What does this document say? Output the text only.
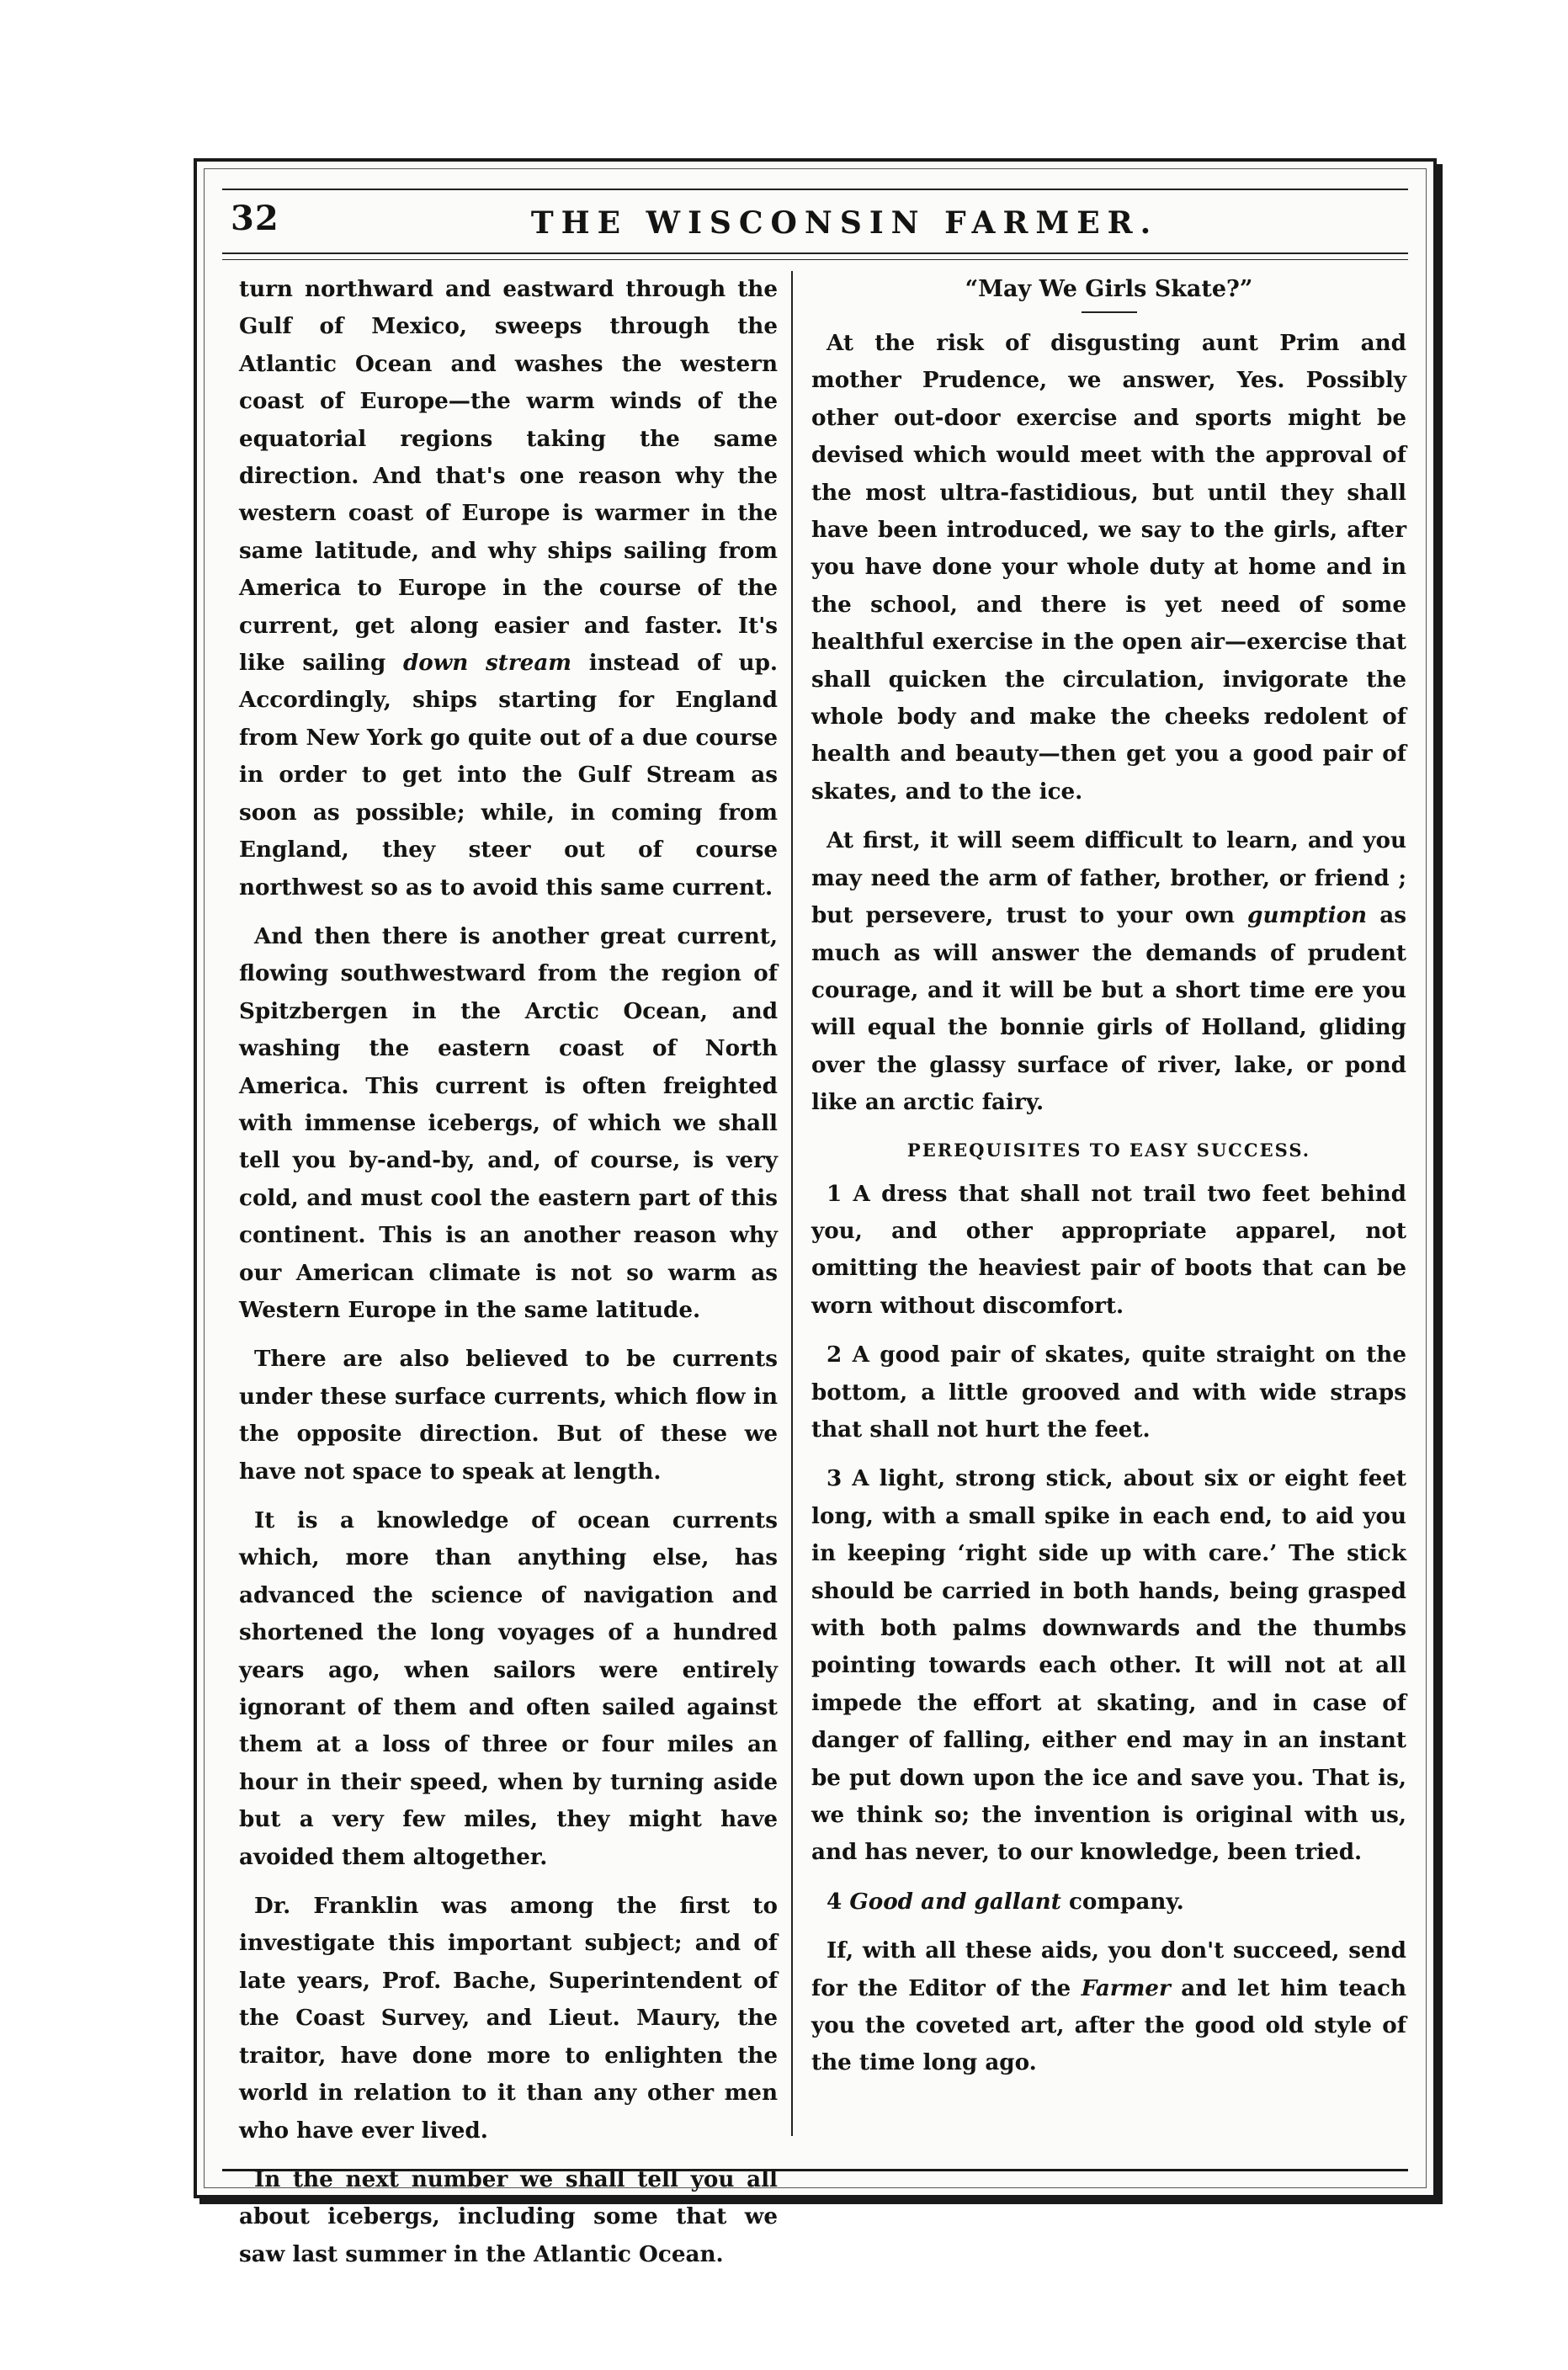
32	THE WISCONSIN FARMER.

turn northward and eastward through the Gulf of Mexico, sweeps through the Atlantic Ocean and washes the western coast of Europe—the warm winds of the equatorial regions taking the same direction. And that's one reason why the western coast of Europe is warmer in the same latitude, and why ships sailing from America to Europe in the course of the current, get along easier and faster. It's like sailing down stream instead of up. Accordingly, ships starting for England from New York go quite out of a due course in order to get into the Gulf Stream as soon as possible; while, in coming from England, they steer out of course northwest so as to avoid this same current.

And then there is another great current, flowing southwestward from the region of Spitzbergen in the Arctic Ocean, and washing the eastern coast of North America. This current is often freighted with immense icebergs, of which we shall tell you by-and-by, and, of course, is very cold, and must cool the eastern part of this continent. This is an another reason why our American climate is not so warm as Western Europe in the same latitude.

There are also believed to be currents under these surface currents, which flow in the opposite direction. But of these we have not space to speak at length.

It is a knowledge of ocean currents which, more than anything else, has advanced the science of navigation and shortened the long voyages of a hundred years ago, when sailors were entirely ignorant of them and often sailed against them at a loss of three or four miles an hour in their speed, when by turning aside but a very few miles, they might have avoided them altogether.

Dr. Franklin was among the first to investigate this important subject; and of late years, Prof. Bache, Superintendent of the Coast Survey, and Lieut. Maury, the traitor, have done more to enlighten the world in relation to it than any other men who have ever lived.

In the next number we shall tell you all about icebergs, including some that we saw last summer in the Atlantic Ocean.

“May We Girls Skate?”

At the risk of disgusting aunt Prim and mother Prudence, we answer, Yes. Possibly other out-door exercise and sports might be devised which would meet with the approval of the most ultra-fastidious, but until they shall have been introduced, we say to the girls, after you have done your whole duty at home and in the school, and there is yet need of some healthful exercise in the open air—exercise that shall quicken the circulation, invigorate the whole body and make the cheeks redolent of health and beauty—then get you a good pair of skates, and to the ice.

At first, it will seem difficult to learn, and you may need the arm of father, brother, or friend ; but persevere, trust to your own gumption as much as will answer the demands of prudent courage, and it will be but a short time ere you will equal the bonnie girls of Holland, gliding over the glassy surface of river, lake, or pond like an arctic fairy.

PEREQUISITES TO EASY SUCCESS.

1 A dress that shall not trail two feet behind you, and other appropriate apparel, not omitting the heaviest pair of boots that can be worn without discomfort.

2 A good pair of skates, quite straight on the bottom, a little grooved and with wide straps that shall not hurt the feet.

3 A light, strong stick, about six or eight feet long, with a small spike in each end, to aid you in keeping ‘right side up with care.’ The stick should be carried in both hands, being grasped with both palms downwards and the thumbs pointing towards each other. It will not at all impede the effort at skating, and in case of danger of falling, either end may in an instant be put down upon the ice and save you. That is, we think so; the invention is original with us, and has never, to our knowledge, been tried.

4 Good and gallant company.

If, with all these aids, you don't succeed, send for the Editor of the Farmer and let him teach you the coveted art, after the good old style of the time long ago.
